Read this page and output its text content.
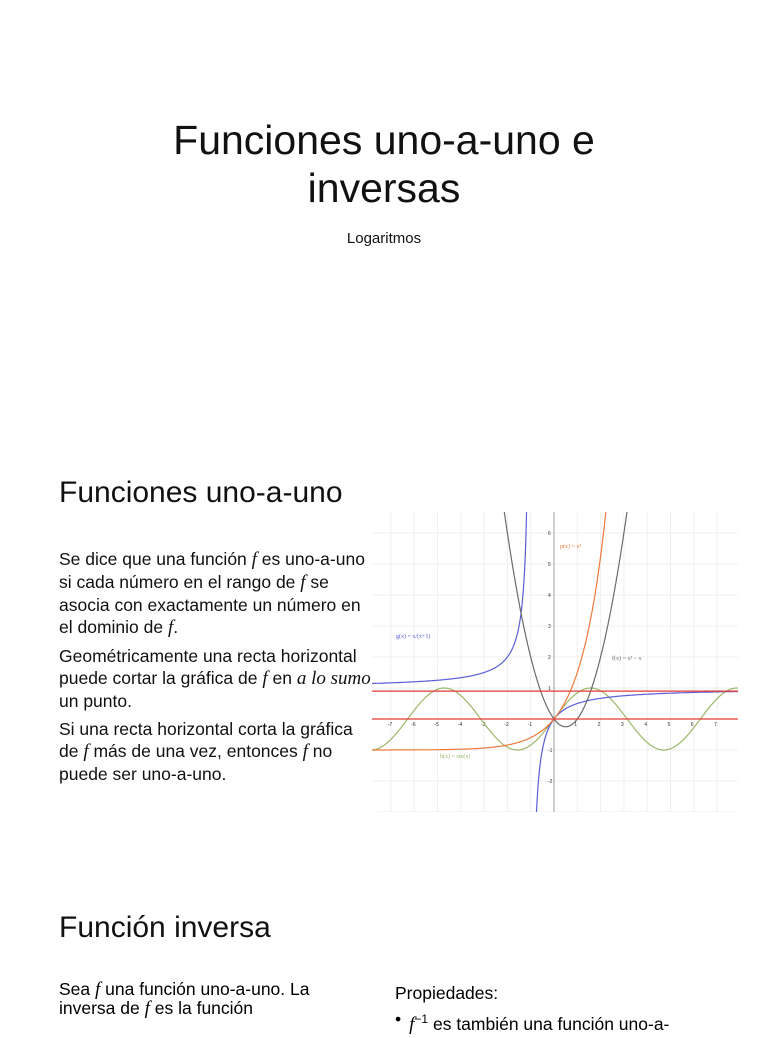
Funciones uno-a-uno e
inversas
Logaritmos
Funciones uno-a-uno

Se dice que una función f es uno-a-uno si cada número en el rango de f se asocia con exactamente un número en el dominio de f.

Geométricamente una recta horizontal puede cortar la gráfica de f en a lo sumo un punto.

Si una recta horizontal corta la gráfica de f más de una vez, entonces f no puede ser uno-a-uno.

-7	-6	-5	-4	-3	-2	-1	1	2	3	4	5	6	7
6
5
4
3
2
1
-1
-2
p(x) = x³
g(x) = x/(x+1)
f(x) = x² − x
h(x) = sin(x)
Función inversa
Sea f una función uno-a-uno. La inversa de f es la función
Propiedades:
• $f^{-1}$ es también una función uno-a-
